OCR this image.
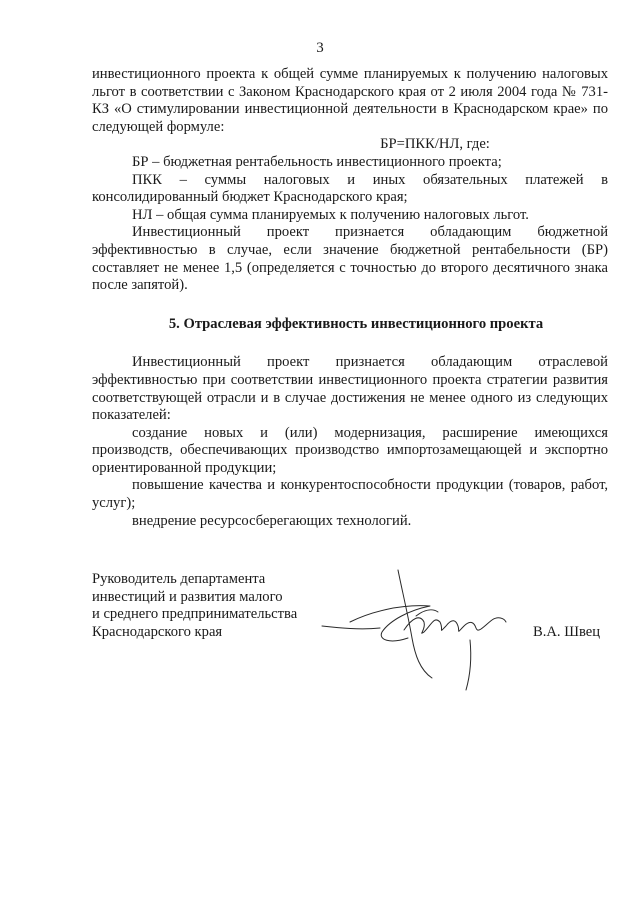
3

инвестиционного проекта к общей сумме планируемых к получению налоговых льгот в соответствии с Законом Краснодарского края от 2 июля 2004 года № 731-КЗ «О стимулировании инвестиционной деятельности в Краснодарском крае» по следующей формуле:

БР=ПКК/НЛ, где:

БР – бюджетная рентабельность инвестиционного проекта;

ПКК – суммы налоговых и иных обязательных платежей в консолидированный бюджет Краснодарского края;

НЛ – общая сумма планируемых к получению налоговых льгот.

Инвестиционный проект признается обладающим бюджетной эффективностью в случае, если значение бюджетной рентабельности (БР) составляет не менее 1,5 (определяется с точностью до второго десятичного знака после запятой).

5. Отраслевая эффективность инвестиционного проекта

Инвестиционный проект признается обладающим отраслевой эффективностью при соответствии инвестиционного проекта стратегии развития соответствующей отрасли и в случае достижения не менее одного из следующих показателей:

создание новых и (или) модернизация, расширение имеющихся производств, обеспечивающих производство импортозамещающей и экспортно ориентированной продукции;

повышение качества и конкурентоспособности продукции (товаров, работ, услуг);

внедрение ресурсосберегающих технологий.

Руководитель департамента
инвестиций и развития малого
и среднего предпринимательства
Краснодарского края	В.А. Швец
